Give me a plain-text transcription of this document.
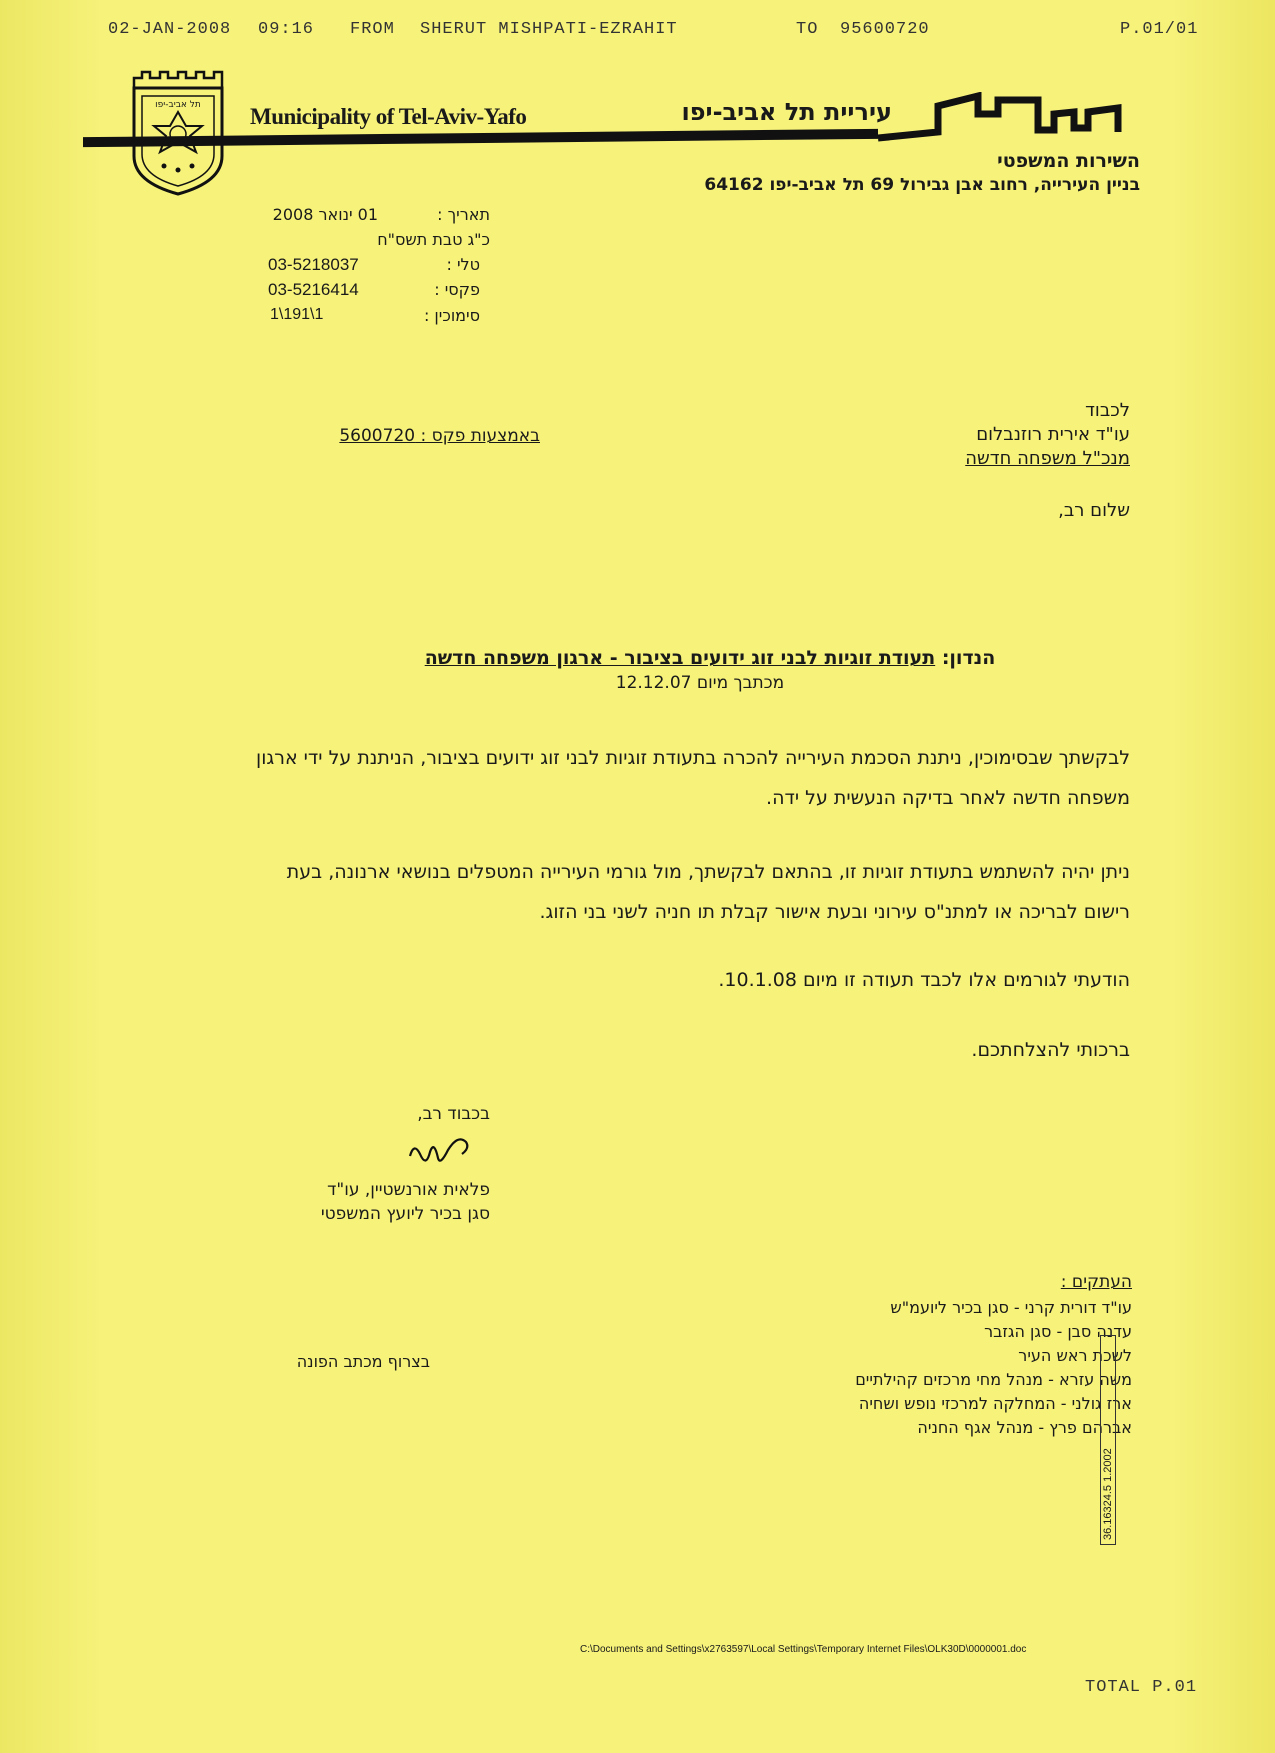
02-JAN-2008 09:16 FROM SHERUT MISHPATI-EZRAHIT	TO 95600720	P.01/01
תל אביב-יפו	Municipality of Tel-Aviv-Yafo	עיריית תל אביב-יפו
השירות המשפטי
בניין העירייה, רחוב אבן גבירול 69 תל אביב-יפו 64162
תאריך :
01 ינואר 2008
כ"ג טבת תשס"ח
טלי :
03-5218037
פקסי :
03-5216414
סימוכין :
1\191\1
לכבוד
עו"ד אירית רוזנבלום
מנכ"ל משפחה חדשה
באמצעות פקס : 5600720
שלום רב,
הנדון: תעודת זוגיות לבני זוג ידועים בציבור - ארגון משפחה חדשה
מכתבך מיום 12.12.07
לבקשתך שבסימוכין, ניתנת הסכמת העירייה להכרה בתעודת זוגיות לבני זוג ידועים בציבור, הניתנת על ידי ארגון
משפחה חדשה לאחר בדיקה הנעשית על ידה.
ניתן יהיה להשתמש בתעודת זוגיות זו, בהתאם לבקשתך, מול גורמי העירייה המטפלים בנושאי ארנונה, בעת
רישום לבריכה או למתנ"ס עירוני ובעת אישור קבלת תו חניה לשני בני הזוג.
הודעתי לגורמים אלו לכבד תעודה זו מיום 10.1.08.
ברכותי להצלחתכם.
בכבוד רב,
פלאית אורנשטיין, עו"ד
סגן בכיר ליועץ המשפטי
העתקים :
עו"ד דורית קרני - סגן בכיר ליועמ"ש
עדנה סבן - סגן הגזבר
לשכת ראש העיר
משה עזרא - מנהל מחי מרכזים קהילתיים
ארז גולני - המחלקה למרכזי נופש ושחיה
אברהם פרץ - מנהל אגף החניה
בצרוף מכתב הפונה
36.16324.5 1.2002
C:\Documents and Settings\x2763597\Local Settings\Temporary Internet Files\OLK30D\0000001.doc
TOTAL P.01
